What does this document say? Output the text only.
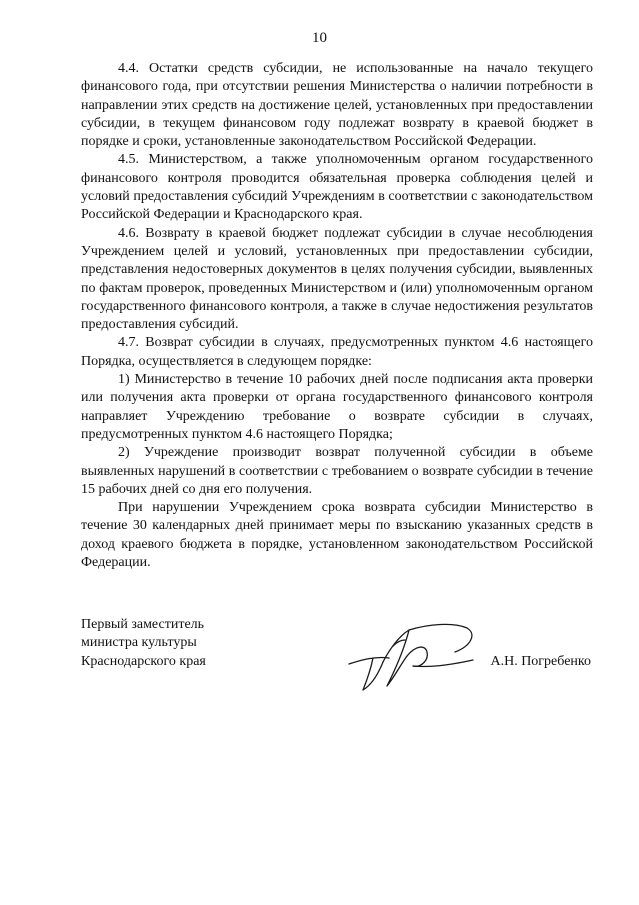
10

4.4. Остатки средств субсидии, не использованные на начало текущего финансового года, при отсутствии решения Министерства о наличии потребности в направлении этих средств на достижение целей, установленных при предоставлении субсидии, в текущем финансовом году подлежат возврату в краевой бюджет в порядке и сроки, установленные законодательством Российской Федерации.

4.5. Министерством, а также уполномоченным органом государственного финансового контроля проводится обязательная проверка соблюдения целей и условий предоставления субсидий Учреждениям в соответствии с законодательством Российской Федерации и Краснодарского края.

4.6. Возврату в краевой бюджет подлежат субсидии в случае несоблюдения Учреждением целей и условий, установленных при предоставлении субсидии, представления недостоверных документов в целях получения субсидии, выявленных по фактам проверок, проведенных Министерством и (или) уполномоченным органом государственного финансового контроля, а также в случае недостижения результатов предоставления субсидий.

4.7. Возврат субсидии в случаях, предусмотренных пунктом 4.6 настоящего Порядка, осуществляется в следующем порядке:

1) Министерство в течение 10 рабочих дней после подписания акта проверки или получения акта проверки от органа государственного финансового контроля направляет Учреждению требование о возврате субсидии в случаях, предусмотренных пунктом 4.6 настоящего Порядка;

2) Учреждение производит возврат полученной субсидии в объеме выявленных нарушений в соответствии с требованием о возврате субсидии в течение 15 рабочих дней со дня его получения.

При нарушении Учреждением срока возврата субсидии Министерство в течение 30 календарных дней принимает меры по взысканию указанных средств в доход краевого бюджета в порядке, установленном законодательством Российской Федерации.

Первый заместитель
министра культуры
Краснодарского края	А.Н. Погребенко
